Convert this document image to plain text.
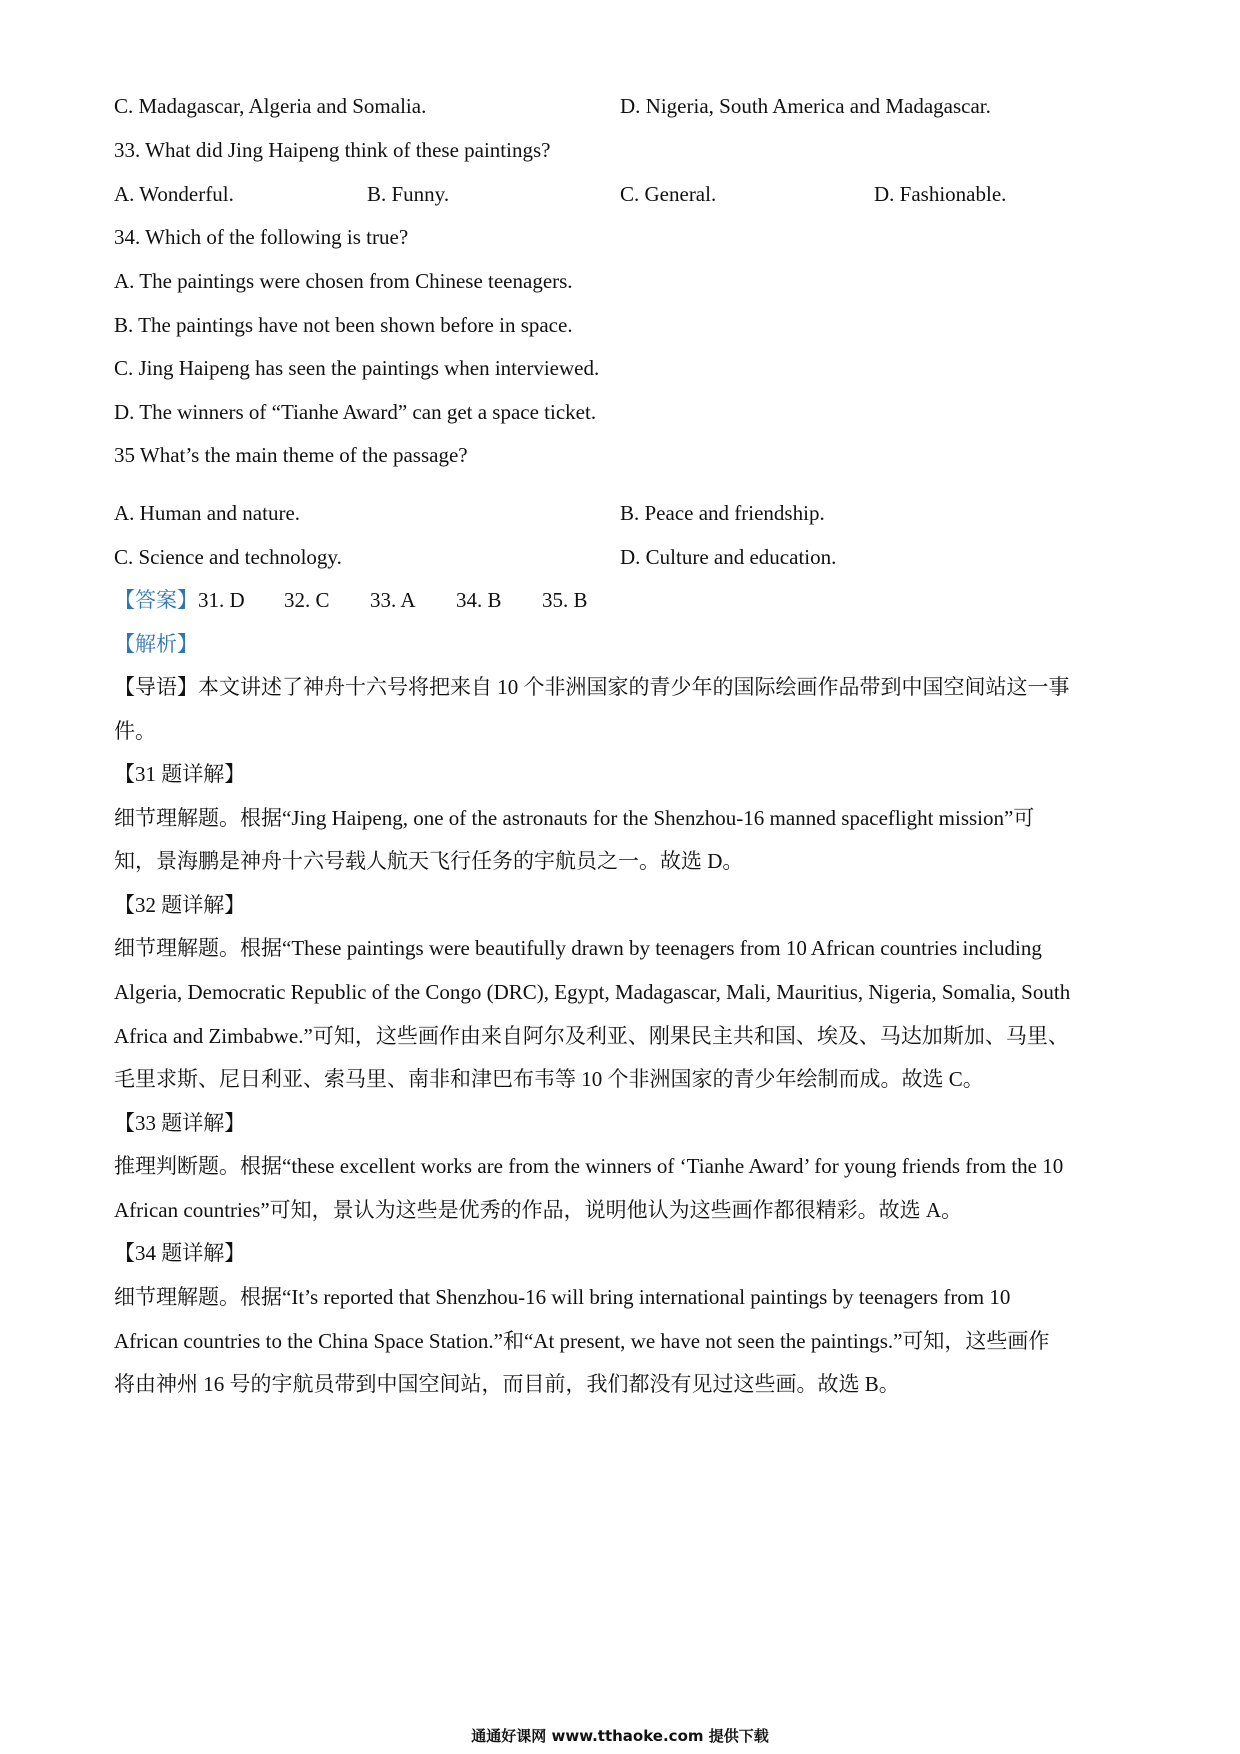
C. Madagascar, Algeria and Somalia.	D. Nigeria, South America and Madagascar.
33. What did Jing Haipeng think of these paintings?
A. Wonderful.	B. Funny.	C. General.	D. Fashionable.
34. Which of the following is true?
A. The paintings were chosen from Chinese teenagers.
B. The paintings have not been shown before in space.
C. Jing Haipeng has seen the paintings when interviewed.
D. The winners of “Tianhe Award” can get a space ticket.
35 What’s the main theme of the passage?
A. Human and nature.	B. Peace and friendship.
C. Science and technology.	D. Culture and education.
【答案】31. D 32. C 33. A 34. B 35. B
【解析】
【导语】本文讲述了神舟十六号将把来自 10 个非洲国家的青少年的国际绘画作品带到中国空间站这一事
件。
【31 题详解】
细节理解题。根据“Jing Haipeng, one of the astronauts for the Shenzhou-16 manned spaceflight mission”可
知，景海鹏是神舟十六号载人航天飞行任务的宇航员之一。故选 D。
【32 题详解】
细节理解题。根据“These paintings were beautifully drawn by teenagers from 10 African countries including
Algeria, Democratic Republic of the Congo (DRC), Egypt, Madagascar, Mali, Mauritius, Nigeria, Somalia, South
Africa and Zimbabwe.”可知，这些画作由来自阿尔及利亚、刚果民主共和国、埃及、马达加斯加、马里、
毛里求斯、尼日利亚、索马里、南非和津巴布韦等 10 个非洲国家的青少年绘制而成。故选 C。
【33 题详解】
推理判断题。根据“these excellent works are from the winners of ‘Tianhe Award’ for young friends from the 10
African countries”可知，景认为这些是优秀的作品，说明他认为这些画作都很精彩。故选 A。
【34 题详解】
细节理解题。根据“It’s reported that Shenzhou-16 will bring international paintings by teenagers from 10
African countries to the China Space Station.”和“At present, we have not seen the paintings.”可知，这些画作
将由神州 16 号的宇航员带到中国空间站，而目前，我们都没有见过这些画。故选 B。
通通好课网 www.tthaoke.com 提供下载
